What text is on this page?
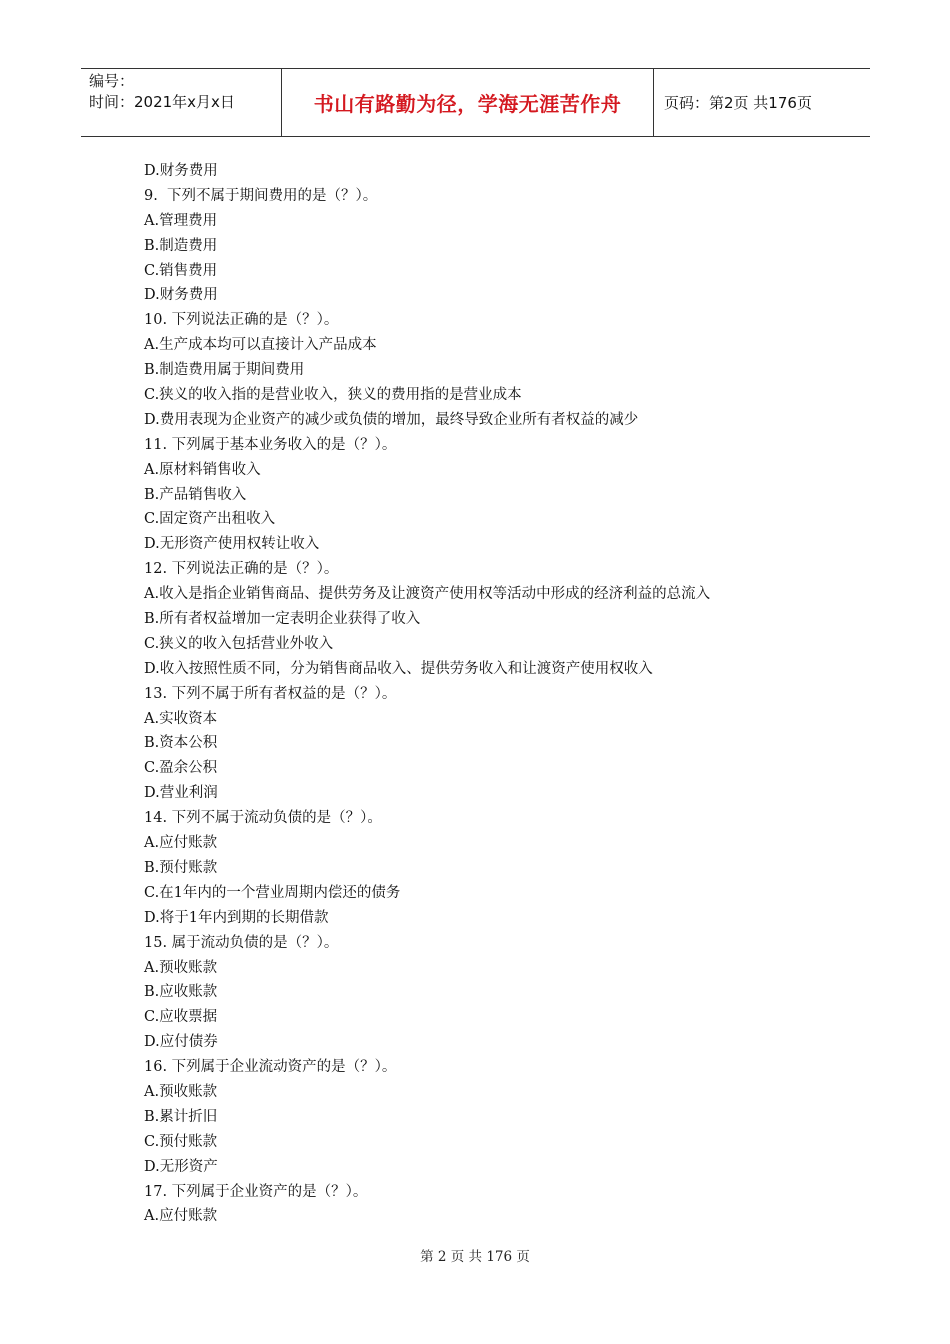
编号：
时间：2021年x月x日	书山有路勤为径，学海无涯苦作舟	页码：第2页 共176页
D.财务费用
9.  下列不属于期间费用的是（？）。
A.管理费用
B.制造费用
C.销售费用
D.财务费用
10. 下列说法正确的是（？）。
A.生产成本均可以直接计入产品成本
B.制造费用属于期间费用
C.狭义的收入指的是营业收入，狭义的费用指的是营业成本
D.费用表现为企业资产的减少或负债的增加，最终导致企业所有者权益的减少
11. 下列属于基本业务收入的是（？）。
A.原材料销售收入
B.产品销售收入
C.固定资产出租收入
D.无形资产使用权转让收入
12. 下列说法正确的是（？）。
A.收入是指企业销售商品、提供劳务及让渡资产使用权等活动中形成的经济利益的总流入
B.所有者权益增加一定表明企业获得了收入
C.狭义的收入包括营业外收入
D.收入按照性质不同，分为销售商品收入、提供劳务收入和让渡资产使用权收入
13. 下列不属于所有者权益的是（？）。
A.实收资本
B.资本公积
C.盈余公积
D.营业利润
14. 下列不属于流动负债的是（？）。
A.应付账款
B.预付账款
C.在1年内的一个营业周期内偿还的债务
D.将于1年内到期的长期借款
15. 属于流动负债的是（？）。
A.预收账款
B.应收账款
C.应收票据
D.应付债券
16. 下列属于企业流动资产的是（？）。
A.预收账款
B.累计折旧
C.预付账款
D.无形资产
17. 下列属于企业资产的是（？）。
A.应付账款
第 2 页 共 176 页
